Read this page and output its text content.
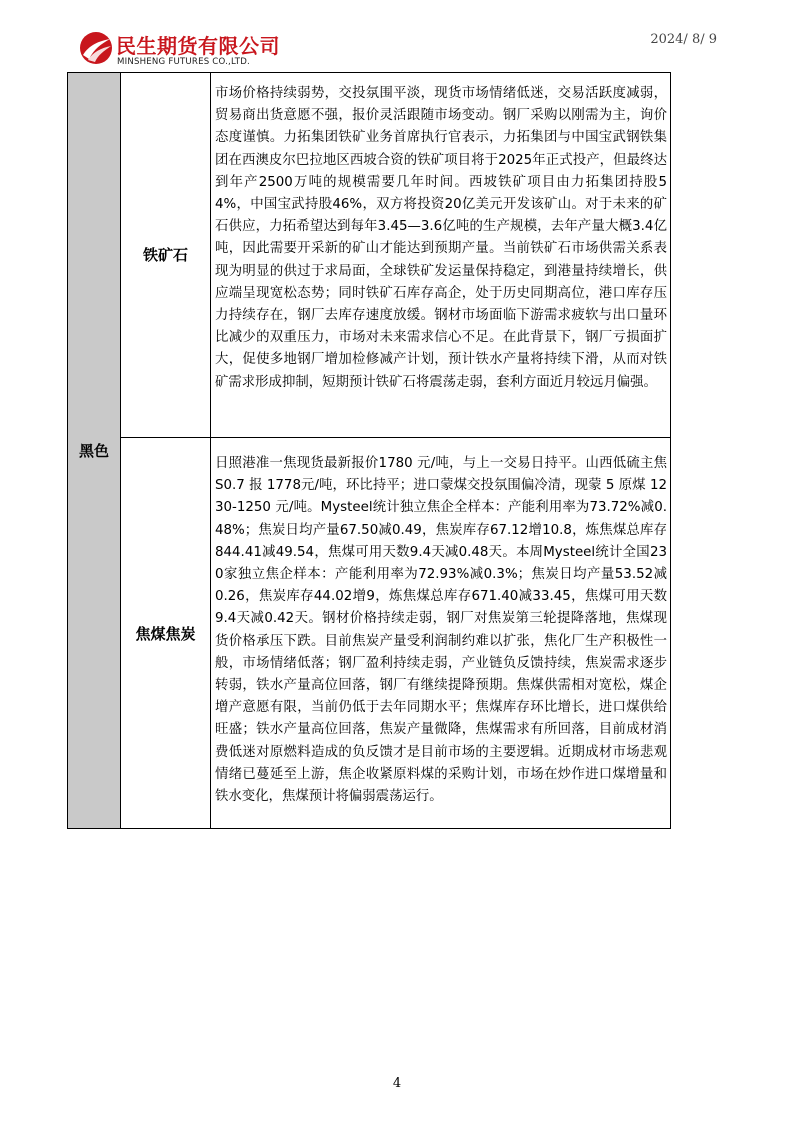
民生期货有限公司
MINSHENG FUTURES CO.,LTD.
2024/ 8/ 9
黑色
铁矿石
市场价格持续弱势，交投氛围平淡，现货市场情绪低迷，交易活跃度减弱，贸易商出货意愿不强，报价灵活跟随市场变动。钢厂采购以刚需为主，询价态度谨慎。力拓集团铁矿业务首席执行官表示，力拓集团与中国宝武钢铁集团在西澳皮尔巴拉地区西坡合资的铁矿项目将于2025年正式投产，但最终达到年产2500万吨的规模需要几年时间。西坡铁矿项目由力拓集团持股54%，中国宝武持股46%，双方将投资20亿美元开发该矿山。对于未来的矿石供应，力拓希望达到每年3.45—3.6亿吨的生产规模，去年产量大概3.4亿吨，因此需要开采新的矿山才能达到预期产量。当前铁矿石市场供需关系表现为明显的供过于求局面，全球铁矿发运量保持稳定，到港量持续增长，供应端呈现宽松态势；同时铁矿石库存高企，处于历史同期高位，港口库存压力持续存在，钢厂去库存速度放缓。钢材市场面临下游需求疲软与出口量环比减少的双重压力，市场对未来需求信心不足。在此背景下，钢厂亏损面扩大，促使多地钢厂增加检修减产计划，预计铁水产量将持续下滑，从而对铁矿需求形成抑制，短期预计铁矿石将震荡走弱，套利方面近月较远月偏强。
焦煤焦炭
日照港准一焦现货最新报价1780 元/吨，与上一交易日持平。山西低硫主焦 S0.7 报 1778元/吨，环比持平；进口蒙煤交投氛围偏冷清，现蒙 5 原煤 1230-1250 元/吨。Mysteel统计独立焦企全样本：产能利用率为73.72%减0.48%；焦炭日均产量67.50减0.49，焦炭库存67.12增10.8，炼焦煤总库存844.41减49.54，焦煤可用天数9.4天减0.48天。本周Mysteel统计全国230家独立焦企样本：产能利用率为72.93%减0.3%；焦炭日均产量53.52减0.26，焦炭库存44.02增9，炼焦煤总库存671.40减33.45，焦煤可用天数9.4天减0.42天。钢材价格持续走弱，钢厂对焦炭第三轮提降落地，焦煤现货价格承压下跌。目前焦炭产量受利润制约难以扩张，焦化厂生产积极性一般，市场情绪低落；钢厂盈利持续走弱，产业链负反馈持续，焦炭需求逐步转弱，铁水产量高位回落，钢厂有继续提降预期。焦煤供需相对宽松，煤企增产意愿有限，当前仍低于去年同期水平；焦煤库存环比增长，进口煤供给旺盛；铁水产量高位回落，焦炭产量微降，焦煤需求有所回落，目前成材消费低迷对原燃料造成的负反馈才是目前市场的主要逻辑。近期成材市场悲观情绪已蔓延至上游，焦企收紧原料煤的采购计划，市场在炒作进口煤增量和铁水变化，焦煤预计将偏弱震荡运行。
4
